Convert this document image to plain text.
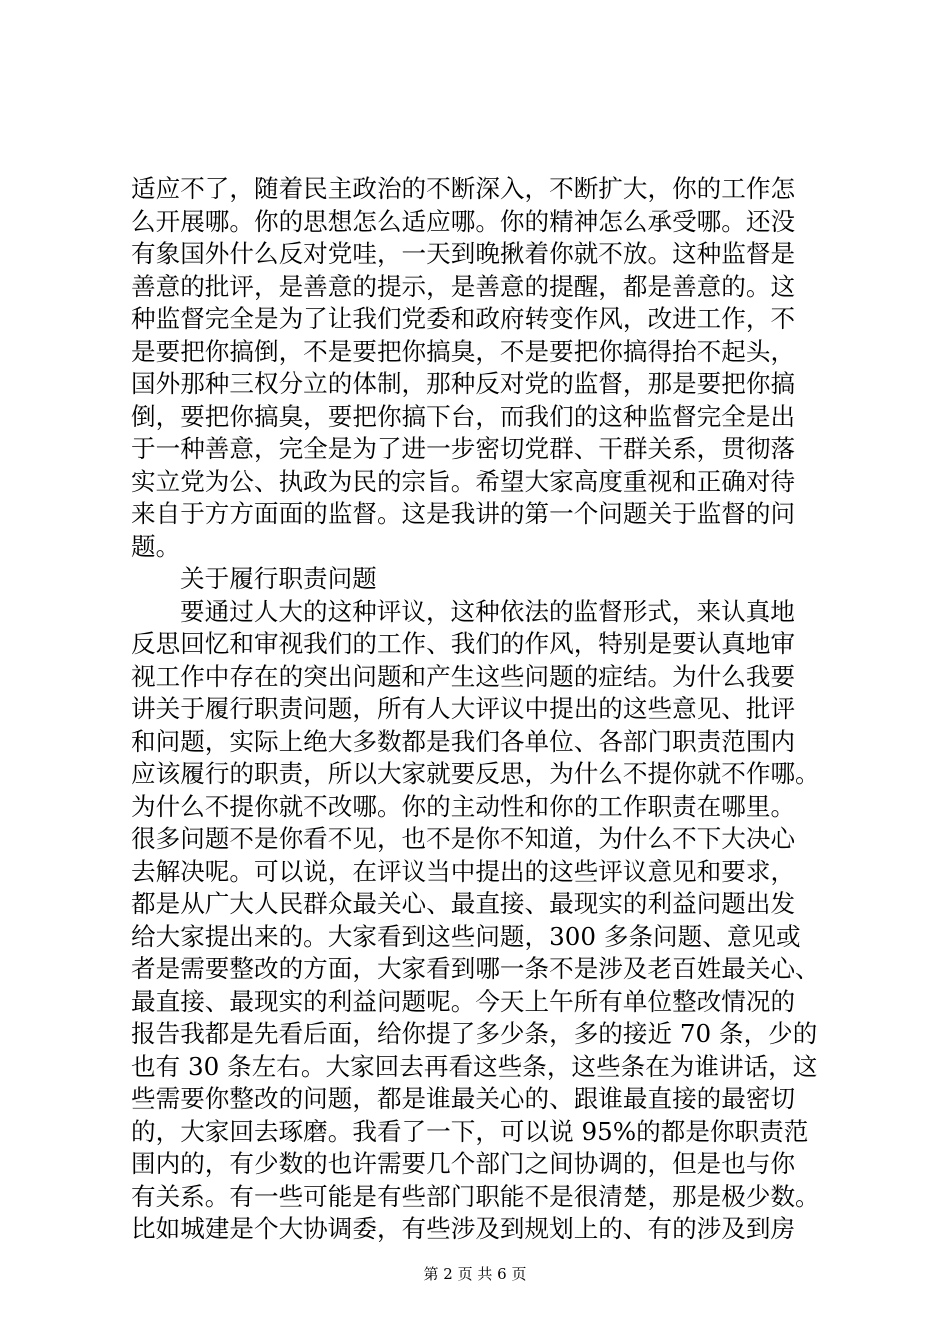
适应不了，随着民主政治的不断深入，不断扩大，你的工作怎
么开展哪。你的思想怎么适应哪。你的精神怎么承受哪。还没
有象国外什么反对党哇，一天到晚揪着你就不放。这种监督是
善意的批评，是善意的提示，是善意的提醒，都是善意的。这
种监督完全是为了让我们党委和政府转变作风，改进工作，不
是要把你搞倒，不是要把你搞臭，不是要把你搞得抬不起头，
国外那种三权分立的体制，那种反对党的监督，那是要把你搞
倒，要把你搞臭，要把你搞下台，而我们的这种监督完全是出
于一种善意，完全是为了进一步密切党群、干群关系，贯彻落
实立党为公、执政为民的宗旨。希望大家高度重视和正确对待
来自于方方面面的监督。这是我讲的第一个问题关于监督的问
题。
关于履行职责问题
要通过人大的这种评议，这种依法的监督形式，来认真地
反思回忆和审视我们的工作、我们的作风，特别是要认真地审
视工作中存在的突出问题和产生这些问题的症结。为什么我要
讲关于履行职责问题，所有人大评议中提出的这些意见、批评
和问题，实际上绝大多数都是我们各单位、各部门职责范围内
应该履行的职责，所以大家就要反思，为什么不提你就不作哪。
为什么不提你就不改哪。你的主动性和你的工作职责在哪里。
很多问题不是你看不见，也不是你不知道，为什么不下大决心
去解决呢。可以说，在评议当中提出的这些评议意见和要求，
都是从广大人民群众最关心、最直接、最现实的利益问题出发
给大家提出来的。大家看到这些问题，300 多条问题、意见或
者是需要整改的方面，大家看到哪一条不是涉及老百姓最关心、
最直接、最现实的利益问题呢。今天上午所有单位整改情况的
报告我都是先看后面，给你提了多少条，多的接近 70 条，少的
也有 30 条左右。大家回去再看这些条，这些条在为谁讲话，这
些需要你整改的问题，都是谁最关心的、跟谁最直接的最密切
的，大家回去琢磨。我看了一下，可以说 95%的都是你职责范
围内的，有少数的也许需要几个部门之间协调的，但是也与你
有关系。有一些可能是有些部门职能不是很清楚，那是极少数。
比如城建是个大协调委，有些涉及到规划上的、有的涉及到房
第 2 页 共 6 页
